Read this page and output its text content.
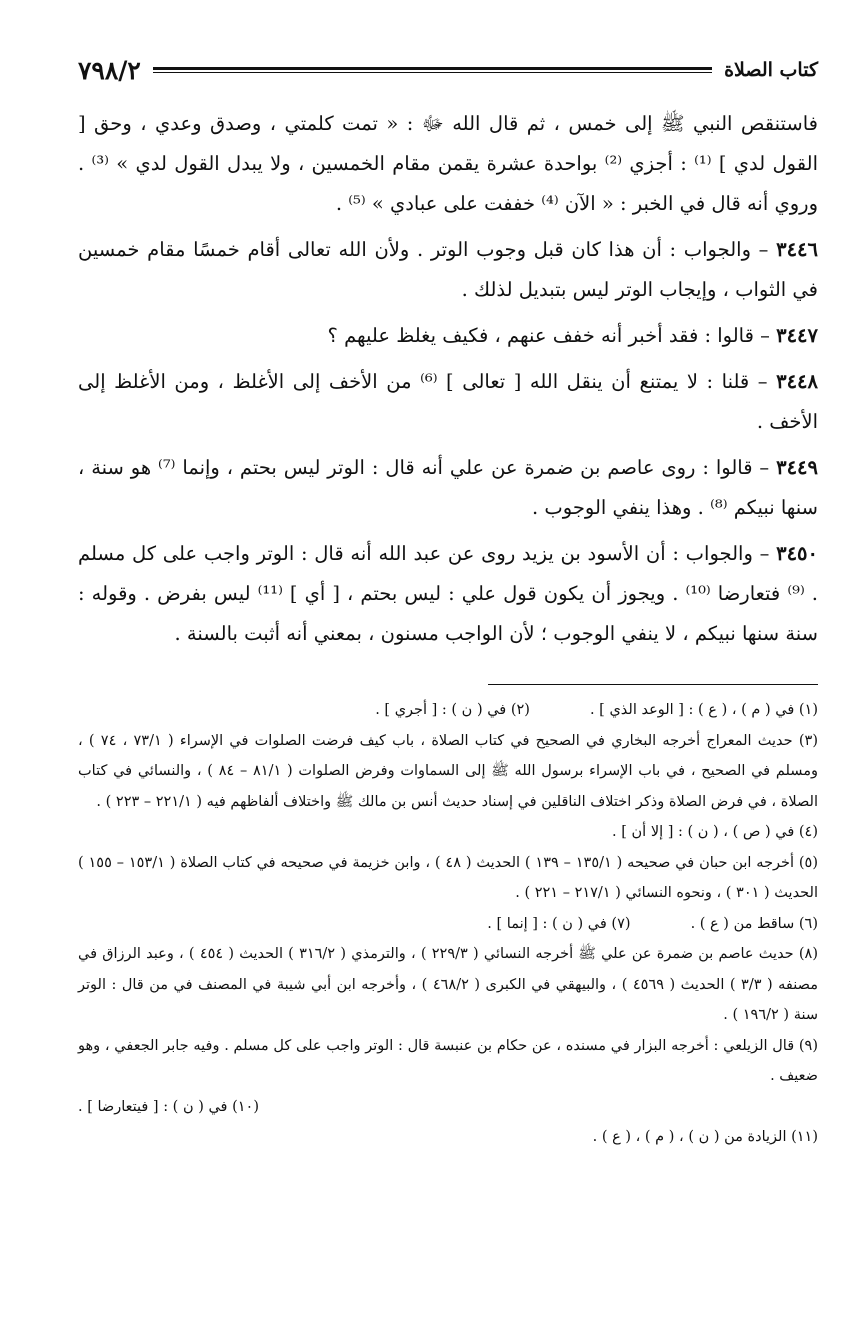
كتاب الصلاة
٧٩٨/٢

فاستنقص النبي ﷺ إلى خمس ، ثم قال الله ﷻ : « تمت كلمتي ، وصدق وعدي ، وحق [ القول لدي ] ⁽¹⁾ : أجزي ⁽²⁾ بواحدة عشرة يقمن مقام الخمسين ، ولا يبدل القول لدي » ⁽³⁾ . وروي أنه قال في الخبر : « الآن ⁽⁴⁾ خففت على عبادي » ⁽⁵⁾ .

٣٤٤٦ – والجواب : أن هذا كان قبل وجوب الوتر . ولأن الله تعالى أقام خمسًا مقام خمسين في الثواب ، وإيجاب الوتر ليس بتبديل لذلك .

٣٤٤٧ – قالوا : فقد أخبر أنه خفف عنهم ، فكيف يغلظ عليهم ؟

٣٤٤٨ – قلنا : لا يمتنع أن ينقل الله [ تعالى ] ⁽⁶⁾ من الأخف إلى الأغلظ ، ومن الأغلظ إلى الأخف .

٣٤٤٩ – قالوا : روى عاصم بن ضمرة عن علي أنه قال : الوتر ليس بحتم ، وإنما ⁽⁷⁾ هو سنة ، سنها نبيكم ⁽⁸⁾ . وهذا ينفي الوجوب .

٣٤٥٠ – والجواب : أن الأسود بن يزيد روى عن عبد الله أنه قال : الوتر واجب على كل مسلم . ⁽⁹⁾ فتعارضا ⁽¹⁰⁾ . ويجوز أن يكون قول علي : ليس بحتم ، [ أي ] ⁽¹¹⁾ ليس بفرض . وقوله : سنة سنها نبيكم ، لا ينفي الوجوب ؛ لأن الواجب مسنون ، بمعني أنه أثبت بالسنة .

(١) في ( م ) ، ( ع ) : [ الوعد الذي ] .
(٢) في ( ن ) : [ أجري ] .

(٣) حديث المعراج أخرجه البخاري في الصحيح في كتاب الصلاة ، باب كيف فرضت الصلوات في الإسراء ( ٧٣/١ ، ٧٤ ) ، ومسلم في الصحيح ، في باب الإسراء برسول الله ﷺ إلى السماوات وفرض الصلوات ( ٨١/١ – ٨٤ ) ، والنسائي في كتاب الصلاة ، في فرض الصلاة وذكر اختلاف الناقلين في إسناد حديث أنس بن مالك ﷺ واختلاف ألفاظهم فيه ( ٢٢١/١ – ٢٢٣ ) .

(٤) في ( ص ) ، ( ن ) : [ إلا أن ] .

(٥) أخرجه ابن حبان في صحيحه ( ١٣٥/١ – ١٣٩ ) الحديث ( ٤٨ ) ، وابن خزيمة في صحيحه في كتاب الصلاة ( ١٥٣/١ – ١٥٥ ) الحديث ( ٣٠١ ) ، ونحوه النسائي ( ٢١٧/١ – ٢٢١ ) .

(٦) ساقط من ( ع ) .
(٧) في ( ن ) : [ إنما ] .

(٨) حديث عاصم بن ضمرة عن علي ﷺ أخرجه النسائي ( ٢٢٩/٣ ) ، والترمذي ( ٣١٦/٢ ) الحديث ( ٤٥٤ ) ، وعبد الرزاق في مصنفه ( ٣/٣ ) الحديث ( ٤٥٦٩ ) ، والبيهقي في الكبرى ( ٤٦٨/٢ ) ، وأخرجه ابن أبي شيبة في المصنف في من قال : الوتر سنة ( ١٩٦/٢ ) .

(٩) قال الزيلعي : أخرجه البزار في مسنده ، عن حكام بن عنبسة قال : الوتر واجب على كل مسلم . وفيه جابر الجعفي ، وهو ضعيف .

(١٠) في ( ن ) : [ فيتعارضا ] .

(١١) الزيادة من ( ن ) ، ( م ) ، ( ع ) .
